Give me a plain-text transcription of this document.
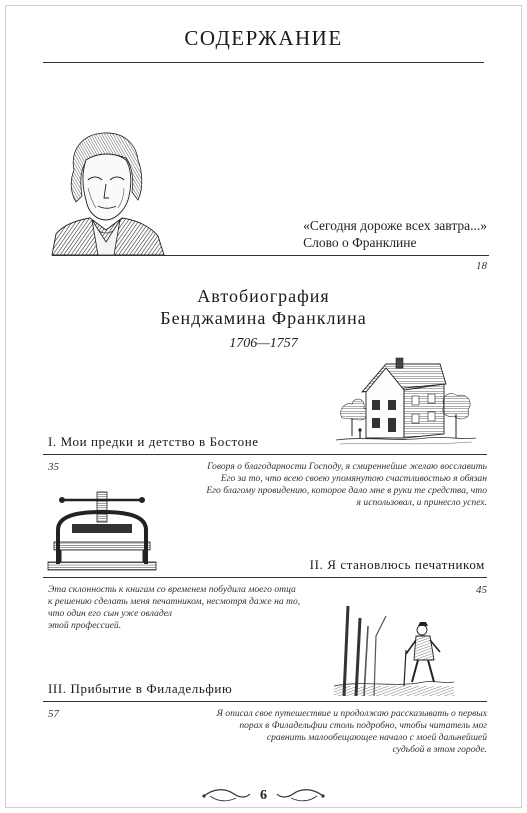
СОДЕРЖАНИЕ
«Сегодня дороже всех завтра...»
Слово о Франклине
18
Автобиография
Бенджамина Франклина
1706—1757
I. Мои предки и детство в Бостоне
35	Говоря о благодарности Господу, я смиреннейше желаю восславить
Его за то, что всею своею упомянутою счастливостью я обязан
Его благому провидению, которое дало мне в руки те средства, что
я использовал, и принесло успех.
II. Я становлюсь печатником
45
Эта склонность к книгам со временем побудила моего отца
к решению сделать меня печатником, несмотря даже на то,
что один его сын уже овладел
этой профессией.
III. Прибытие в Филадельфию
57	Я описал свое путешествие и продолжаю рассказывать о первых
порах в Филадельфии столь подробно, чтобы читатель мог
сравнить малообещающее начало с моей дальнейшей
судьбой в этом городе.
6
